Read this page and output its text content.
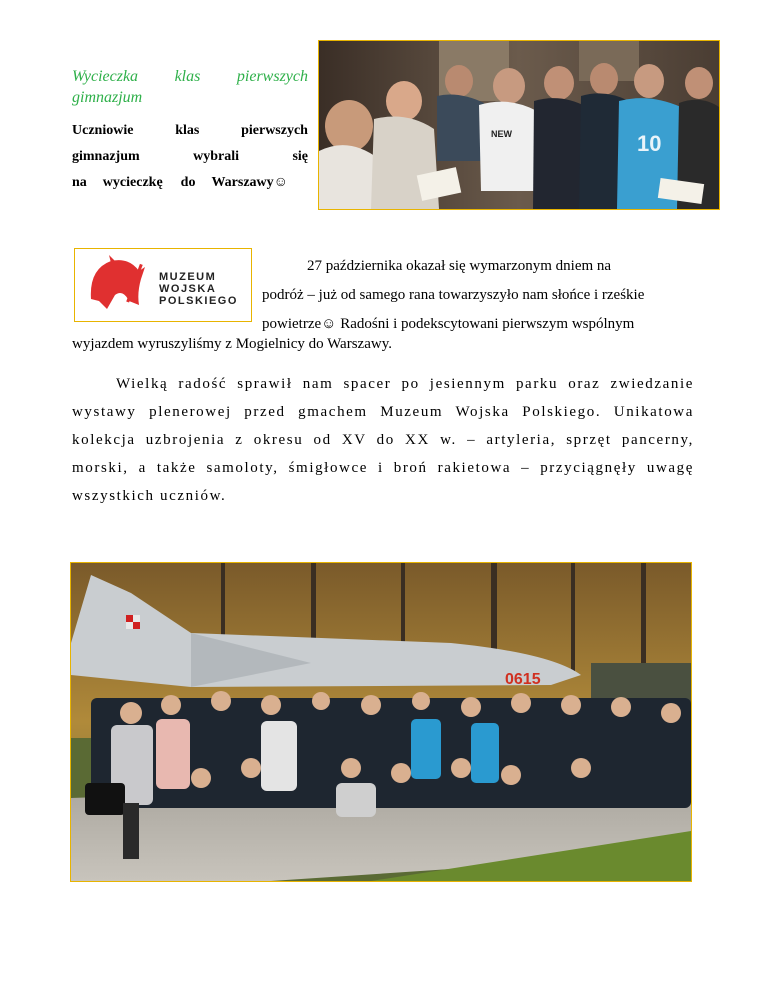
Wycieczka klas pierwszych
gimnazjum
Uczniowie	klas	pierwszych
gimnazjum	wybrali	się
na wycieczkę do Warszawy☺
NEW	10
MUZEUM
WOJSKA
POLSKIEGO
27 października okazał się wymarzonym dniem na
podróż – już od samego rana towarzyszyło nam słońce i rześkie
powietrze☺ Radośni i podekscytowani pierwszym wspólnym
wyjazdem wyruszyliśmy z Mogielnicy do Warszawy.
Wielką radość sprawił nam spacer po jesiennym parku oraz zwiedzanie wystawy plenerowej przed gmachem Muzeum Wojska Polskiego. Unikatowa kolekcja uzbrojenia z okresu od XV do XX w. – artyleria, sprzęt pancerny, morski, a także samoloty, śmigłowce i broń rakietowa – przyciągnęły uwagę wszystkich uczniów.
0615
